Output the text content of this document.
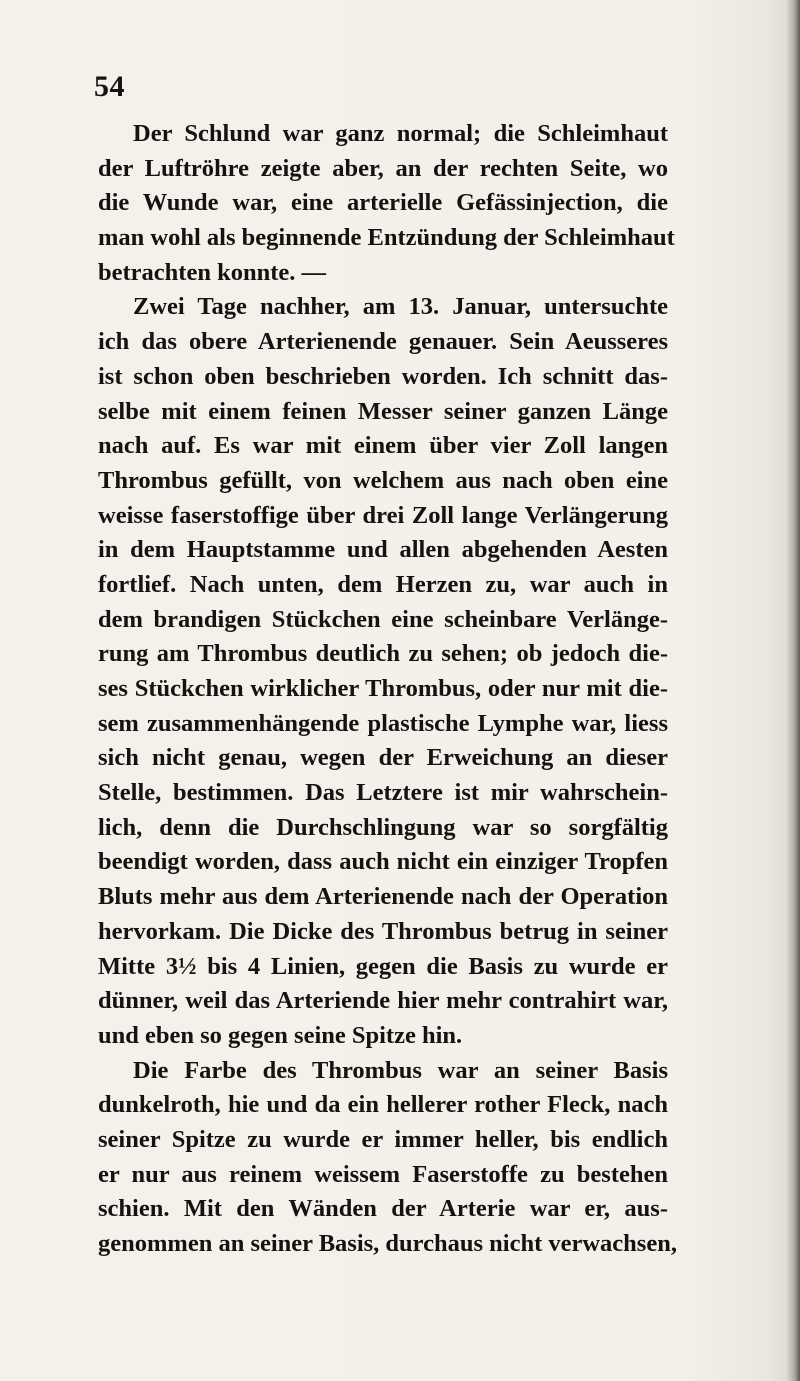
54
Der Schlund war ganz normal; die Schleimhaut
der Luftröhre zeigte aber, an der rechten Seite, wo
die Wunde war, eine arterielle Gefässinjection, die
man wohl als beginnende Entzündung der Schleimhaut
betrachten konnte. —
Zwei Tage nachher, am 13. Januar, untersuchte
ich das obere Arterienende genauer. Sein Aeusseres
ist schon oben beschrieben worden. Ich schnitt das-
selbe mit einem feinen Messer seiner ganzen Länge
nach auf. Es war mit einem über vier Zoll langen
Thrombus gefüllt, von welchem aus nach oben eine
weisse faserstoffige über drei Zoll lange Verlängerung
in dem Hauptstamme und allen abgehenden Aesten
fortlief. Nach unten, dem Herzen zu, war auch in
dem brandigen Stückchen eine scheinbare Verlänge-
rung am Thrombus deutlich zu sehen; ob jedoch die-
ses Stückchen wirklicher Thrombus, oder nur mit die-
sem zusammenhängende plastische Lymphe war, liess
sich nicht genau, wegen der Erweichung an dieser
Stelle, bestimmen. Das Letztere ist mir wahrschein-
lich, denn die Durchschlingung war so sorgfältig
beendigt worden, dass auch nicht ein einziger Tropfen
Bluts mehr aus dem Arterienende nach der Operation
hervorkam. Die Dicke des Thrombus betrug in seiner
Mitte 3½ bis 4 Linien, gegen die Basis zu wurde er
dünner, weil das Arteriende hier mehr contrahirt war,
und eben so gegen seine Spitze hin.
Die Farbe des Thrombus war an seiner Basis
dunkelroth, hie und da ein hellerer rother Fleck, nach
seiner Spitze zu wurde er immer heller, bis endlich
er nur aus reinem weissem Faserstoffe zu bestehen
schien. Mit den Wänden der Arterie war er, aus-
genommen an seiner Basis, durchaus nicht verwachsen,
